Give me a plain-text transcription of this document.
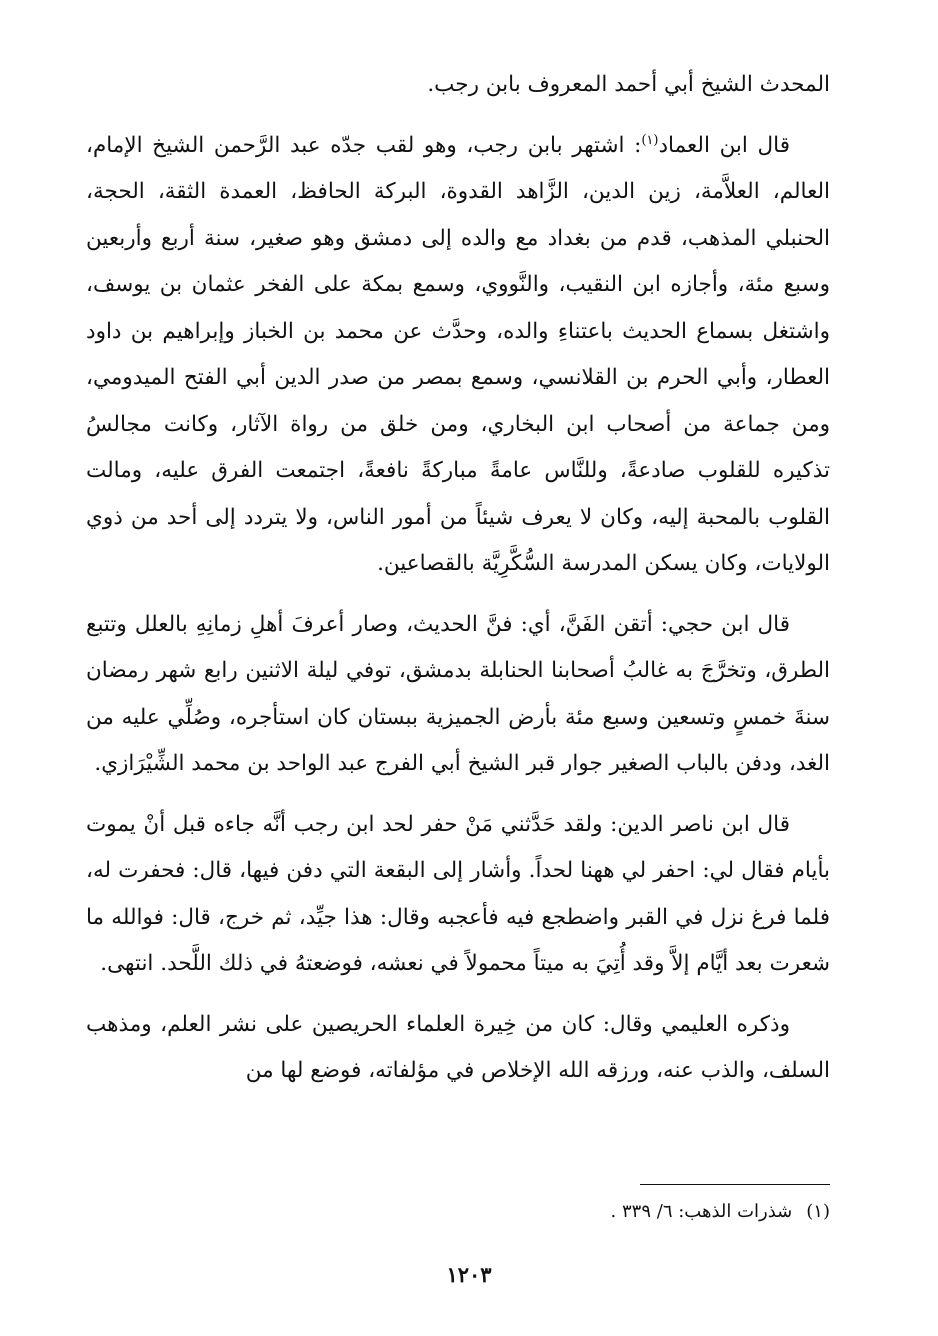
المحدث الشيخ أبي أحمد المعروف بابن رجب.

قال ابن العماد$^{(١)}$: اشتهر بابن رجب، وهو لقب جدّه عبد الرَّحمن الشيخ الإمام، العالم، العلاَّمة، زين الدين، الزَّاهد القدوة، البركة الحافظ، العمدة الثقة، الحجة، الحنبلي المذهب، قدم من بغداد مع والده إلى دمشق وهو صغير، سنة أربع وأربعين وسبع مئة، وأجازه ابن النقيب، والنَّووي، وسمع بمكة على الفخر عثمان بن يوسف، واشتغل بسماع الحديث باعتناءِ والده، وحدَّث عن محمد بن الخباز وإبراهيم بن داود العطار، وأبي الحرم بن القلانسي، وسمع بمصر من صدر الدين أبي الفتح الميدومي، ومن جماعة من أصحاب ابن البخاري، ومن خلق من رواة الآثار، وكانت مجالسُ تذكيره للقلوب صادعةً، وللنَّاس عامةً مباركةً نافعةً، اجتمعت الفرق عليه، ومالت القلوب بالمحبة إليه، وكان لا يعرف شيئاً من أمور الناس، ولا يتردد إلى أحد من ذوي الولايات، وكان يسكن المدرسة السُّكَّرِيَّة بالقصاعين.

قال ابن حجي: أتقن الفَنَّ، أي: فنَّ الحديث، وصار أعرفَ أهلِ زمانِهِ بالعلل وتتبع الطرق، وتخرَّجَ به غالبُ أصحابنا الحنابلة بدمشق، توفي ليلة الاثنين رابع شهر رمضان سنةَ خمسٍ وتسعين وسبع مئة بأرض الجميزية ببستان كان استأجره، وصُلِّي عليه من الغد، ودفن بالباب الصغير جوار قبر الشيخ أبي الفرج عبد الواحد بن محمد الشِّيْرَازي.

قال ابن ناصر الدين: ولقد حَدَّثني مَنْ حفر لحد ابن رجب أنَّه جاءه قبل أنْ يموت بأيام فقال لي: احفر لي ههنا لحداً. وأشار إلى البقعة التي دفن فيها، قال: فحفرت له، فلما فرغ نزل في القبر واضطجع فيه فأعجبه وقال: هذا جيِّد، ثم خرج، قال: فوالله ما شعرت بعد أيَّام إلاَّ وقد أُتِيَ به ميتاً محمولاً في نعشه، فوضعتهُ في ذلك اللَّحد. انتهى.

وذكره العليمي وقال: كان من خِيرة العلماء الحريصين على نشر العلم، ومذهب السلف، والذب عنه، ورزقه الله الإخلاص في مؤلفاته، فوضع لها من

(١)شذرات الذهب: ٦/ ٣٣٩ .
١٢٠٣
